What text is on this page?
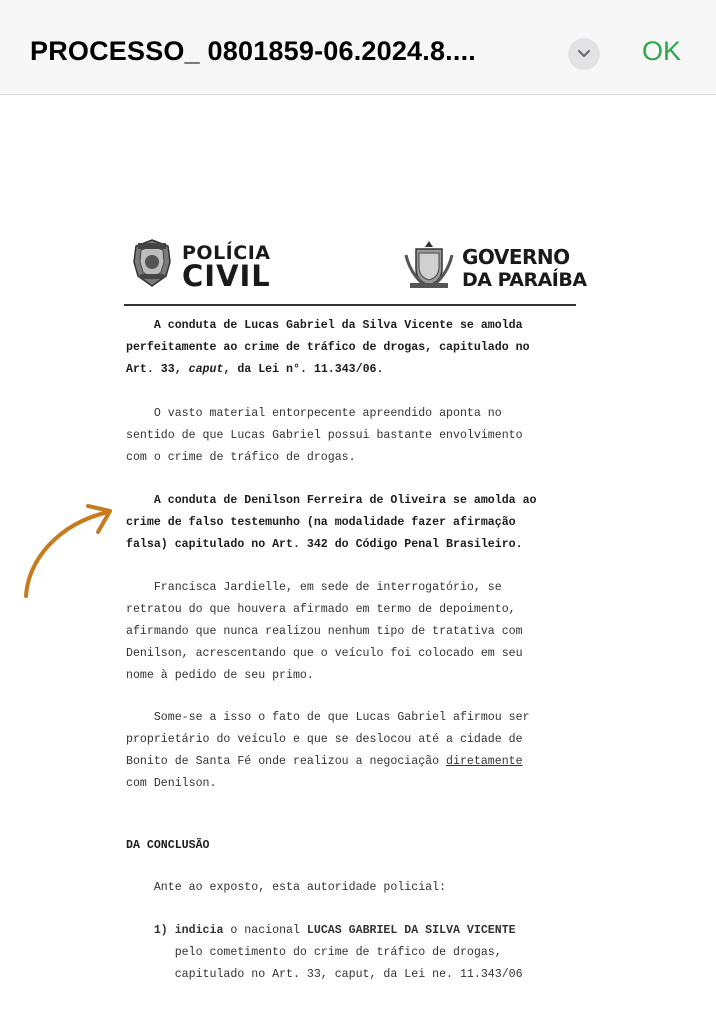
PROCESSO_ 0801859-06.2024.8....	OK
POLÍCIA
CIVIL
GOVERNO
DA PARAÍBA
A conduta de Lucas Gabriel da Silva Vicente se amolda
perfeitamente ao crime de tráfico de drogas, capitulado no
Art. 33, caput, da Lei n°. 11.343/06.
O vasto material entorpecente apreendido aponta no
sentido de que Lucas Gabriel possui bastante envolvimento
com o crime de tráfico de drogas.
A conduta de Denilson Ferreira de Oliveira se amolda ao
crime de falso testemunho (na modalidade fazer afirmação
falsa) capitulado no Art. 342 do Código Penal Brasileiro.
Francisca Jardielle, em sede de interrogatório, se
retratou do que houvera afirmado em termo de depoimento,
afirmando que nunca realizou nenhum tipo de tratativa com
Denilson, acrescentando que o veículo foi colocado em seu
nome à pedido de seu primo.
Some-se a isso o fato de que Lucas Gabriel afirmou ser
proprietário do veículo e que se deslocou até a cidade de
Bonito de Santa Fé onde realizou a negociação diretamente
com Denilson.
DA CONCLUSÃO
Ante ao exposto, esta autoridade policial:
1) indicia o nacional LUCAS GABRIEL DA SILVA VICENTE
pelo cometimento do crime de tráfico de drogas,
capitulado no Art. 33, caput, da Lei ne. 11.343/06
